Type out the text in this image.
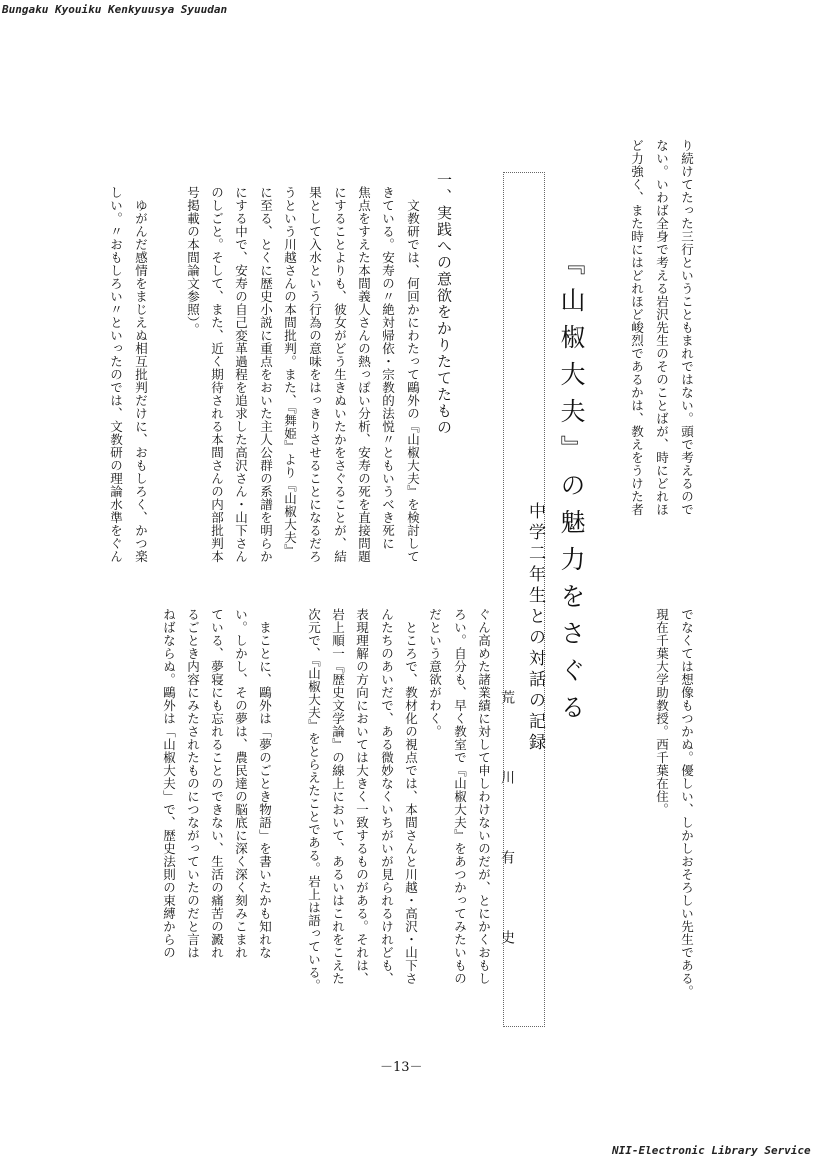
Bungaku Kyouiku Kenkyuusya Syuudan
NII-Electronic Library Service
り続けてたった三行ということもまれではない。頭で考えるので
ない。いわば全身で考える岩沢先生のそのことばが、時にどれほ
ど力強く、また時にはどれほど峻烈であるかは、教えをうけた者
でなくては想像もつかぬ。優しい、しかしおそろしい先生である。
現在千葉大学助教授。西千葉在住。
『山椒大夫』の魅力をさぐる
中学二年生との対話の記録
荒　川　有　史
一、実践への意欲をかりたてたもの
文教研では、何回かにわたって鷗外の『山椒大夫』を検討して
きている。安寿の〃絶対帰依・宗教的法悦〃ともいうべき死に
焦点をすえた本間義人さんの熱っぽい分析、安寿の死を直接問題
にすることよりも、彼女がどう生きぬいたかをさぐることが、結
果として入水という行為の意味をはっきりさせることになるだろ
うという川越さんの本間批判。また、『舞姫』より『山椒大夫』
に至る、とくに歴史小説に重点をおいた主人公群の系譜を明らか
にする中で、安寿の自己変革過程を追求した高沢さん・山下さん
のしごと。そして、また、近く期待される本間さんの内部批判本
号掲載の本間論文参照）。
　ゆがんだ感情をまじえぬ相互批判だけに、おもしろく、かつ楽
しい。〃おもしろい〃といったのでは、文教研の理論水準をぐん
ぐん高めた諸業績に対して申しわけないのだが、とにかくおもし
ろい。自分も、早く教室で『山椒大夫』をあつかってみたいもの
だという意欲がわく。
　ところで、教材化の視点では、本間さんと川越・高沢・山下さ
んたちのあいだで、ある微妙なくいちがいが見られるけれども、
表現理解の方向においては大きく一致するものがある。それは、
岩上順一『歴史文学論』の線上において、あるいはこれをこえた
次元で、『山椒大夫』をとらえたことである。岩上は語っている。
　まことに、鷗外は「夢のごとき物語」を書いたかも知れな
い。しかし、その夢は、農民達の脳底に深く深く刻みこまれ
ている、夢寝にも忘れることのできない、生活の痛苦の澱れ
るごとき内容にみたされたものにつながっていたのだと言は
ねばならぬ。鷗外は「山椒大夫」で、歴史法則の束縛からの
－13－
